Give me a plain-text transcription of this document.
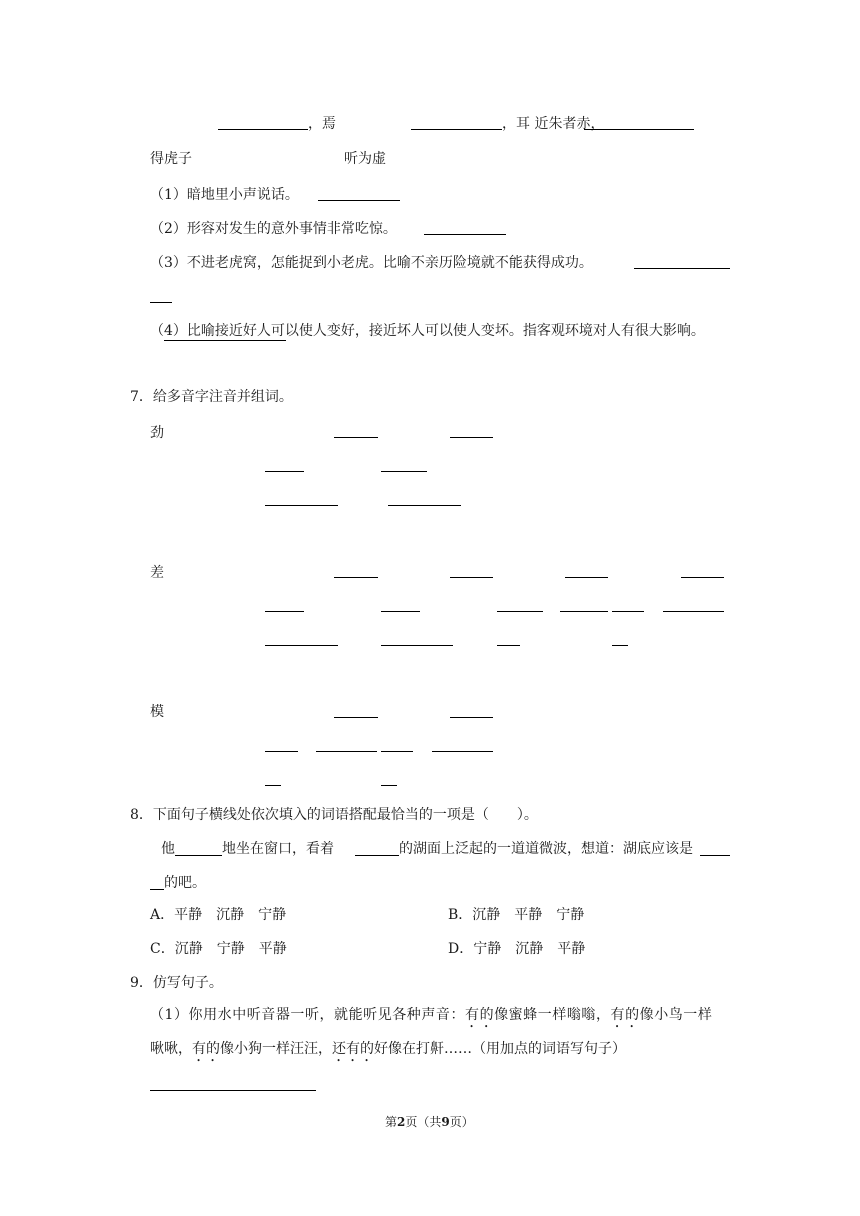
，焉	，耳 近朱者赤，
得虎子	听为虚
（1）暗地里小声说话。
（2）形容对发生的意外事情非常吃惊。
（3）不进老虎窝，怎能捉到小老虎。比喻不亲历险境就不能获得成功。
（4）比喻接近好人可以使人变好，接近坏人可以使人变坏。指客观环境对人有很大影响。
7．给多音字注音并组词。
劲
差
模
8．下面句子横线处依次填入的词语搭配最恰当的一项是（　　）。
他	地坐在窗口，看着	的湖面上泛起的一道道微波，想道：湖底应该是
的吧。
A．平静　沉静　宁静	B．沉静　平静　宁静
C．沉静　宁静　平静	D．宁静　沉静　平静
9．仿写句子。
（1）你用水中听音器一听，就能听见各种声音：有的像蜜蜂一样嗡嗡，有的像小鸟一样
啾啾，有的像小狗一样汪汪，还有的好像在打鼾……（用加点的词语写句子）
第2页（共9页）
